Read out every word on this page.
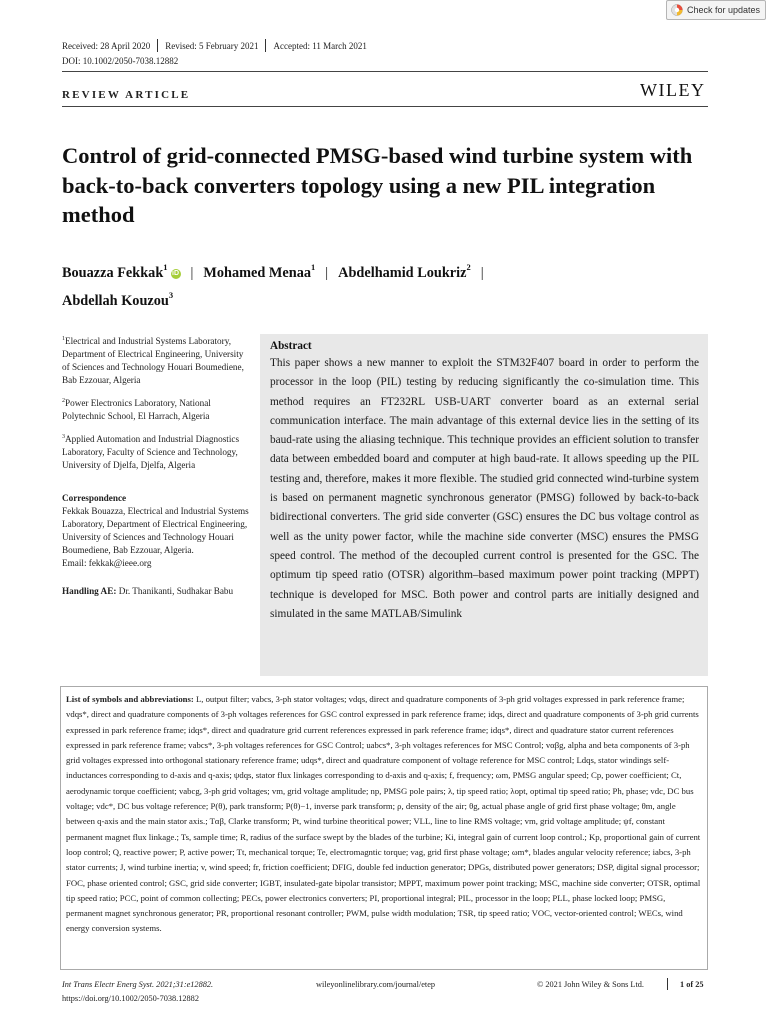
Check for updates
Received: 28 April 2020 Revised: 5 February 2021 Accepted: 11 March 2021
DOI: 10.1002/2050-7038.12882
REVIEW ARTICLE	WILEY
Control of grid-connected PMSG-based wind turbine system with back-to-back converters topology using a new PIL integration method
Bouazza Fekkak$^1$iD | Mohamed Menaa$^1$ | Abdelhamid Loukriz$^2$ |
Abdellah Kouzou$^3$

$^1$Electrical and Industrial Systems Laboratory, Department of Electrical Engineering, University of Sciences and Technology Houari Boumediene, Bab Ezzouar, Algeria

$^2$Power Electronics Laboratory, National Polytechnic School, El Harrach, Algeria

$^3$Applied Automation and Industrial Diagnostics Laboratory, Faculty of Science and Technology, University of Djelfa, Djelfa, Algeria

Correspondence

Fekkak Bouazza, Electrical and Industrial Systems Laboratory, Department of Electrical Engineering, University of Sciences and Technology Houari Boumediene, Bab Ezzouar, Algeria.

Email: fekkak@ieee.org

Handling AE: Dr. Thanikanti, Sudhakar Babu

Abstract
This paper shows a new manner to exploit the STM32F407 board in order to perform the processor in the loop (PIL) testing by reducing significantly the co-simulation time. This method requires an FT232RL USB-UART converter board as an external serial communication interface. The main advantage of this external device lies in the setting of its baud-rate using the aliasing technique. This technique provides an efficient solution to transfer data between embedded board and computer at high baud-rate. It allows speeding up the PIL testing and, therefore, makes it more flexible. The studied grid connected wind-turbine system is based on permanent magnetic synchronous generator (PMSG) followed by back-to-back bidirectional converters. The grid side converter (GSC) ensures the DC bus voltage control as well as the unity power factor, while the machine side converter (MSC) ensures the PMSG speed control. The method of the decoupled current control is presented for the GSC. The optimum tip speed ratio (OTSR) algorithm–based maximum power point tracking (MPPT) technique is developed for MSC. Both power and control parts are initially designed and simulated in the same MATLAB/Simulink
List of symbols and abbreviations: L, output filter; vabcs, 3-ph stator voltages; vdqs, direct and quadrature components of 3-ph grid voltages expressed in park reference frame; vdqs*, direct and quadrature components of 3-ph voltages references for GSC control expressed in park reference frame; idqs, direct and quadrature components of 3-ph grid currents expressed in park reference frame; idqs*, direct and quadrature grid current references expressed in park reference frame; idqs*, direct and quadrature stator current references expressed in park reference frame; vabcs*, 3-ph voltages references for GSC Control; uabcs*, 3-ph voltages references for MSC Control; vαβg, alpha and beta components of 3-ph grid voltages expressed into orthogonal stationary reference frame; udqs*, direct and quadrature component of voltage reference for MSC control; Ldqs, stator windings self-inductances corresponding to d-axis and q-axis; ψdqs, stator flux linkages corresponding to d-axis and q-axis; f, frequency; ωm, PMSG angular speed; Cp, power coefficient; Ct, aerodynamic torque coefficient; vabcg, 3-ph grid voltages; vm, grid voltage amplitude; np, PMSG pole pairs; λ, tip speed ratio; λopt, optimal tip speed ratio; Ph, phase; vdc, DC bus voltage; vdc*, DC bus voltage reference; P(θ), park transform; P(θ)−1, inverse park transform; ρ, density of the air; θg, actual phase angle of grid first phase voltage; θm, angle between q-axis and the main stator axis.; Tαβ, Clarke transform; Pt, wind turbine theoritical power; VLL, line to line RMS voltage; vm, grid voltage amplitude; ψf, constant permanent magnet flux linkage.; Ts, sample time; R, radius of the surface swept by the blades of the turbine; Ki, integral gain of current loop control.; Kp, proportional gain of current loop control; Q, reactive power; P, active power; Tt, mechanical torque; Te, electromagntic torque; vag, grid first phase voltage; ωm*, blades angular velocity reference; iabcs, 3-ph stator currents; J, wind turbine inertia; v, wind speed; fr, friction coefficient; DFIG, double fed induction generator; DPGs, distributed power generators; DSP, digital signal processor; FOC, phase oriented control; GSC, grid side converter; IGBT, insulated-gate bipolar transistor; MPPT, maximum power point tracking; MSC, machine side converter; OTSR, optimal tip speed ratio; PCC, point of common collecting; PECs, power electronics converters; PI, proportional integral; PIL, processor in the loop; PLL, phase locked loop; PMSG, permanent magnet synchronous generator; PR, proportional resonant controller; PWM, pulse width modulation; TSR, tip speed ratio; VOC, vector-oriented control; WECs, wind energy conversion systems.
Int Trans Electr Energ Syst. 2021;31:e12882.
https://doi.org/10.1002/2050-7038.12882
wileyonlinelibrary.com/journal/etep	© 2021 John Wiley & Sons Ltd.	1 of 25
